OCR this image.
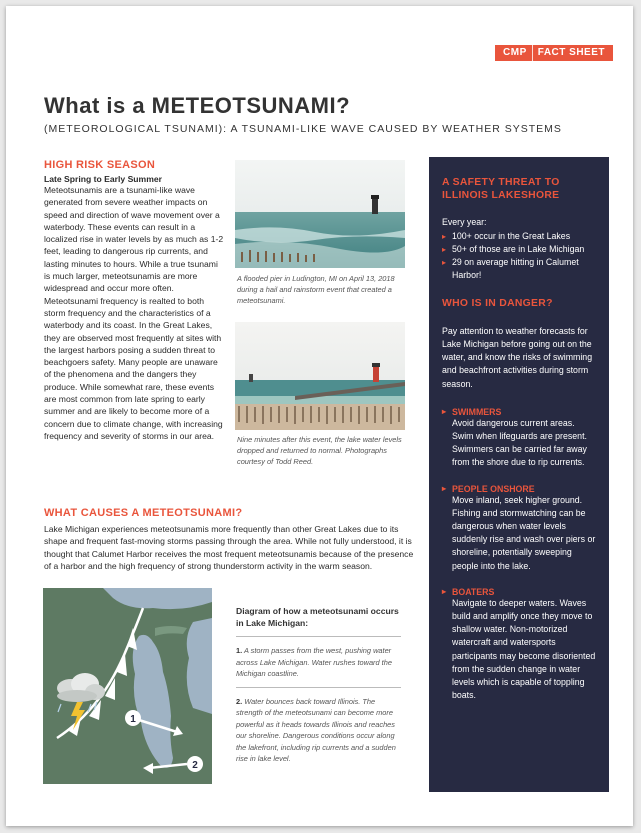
CMP	FACT SHEET
What is a METEOTSUNAMI?
(METEOROLOGICAL TSUNAMI): A TSUNAMI-LIKE WAVE CAUSED BY WEATHER SYSTEMS
HIGH RISK SEASON
Late Spring to Early Summer

Meteotsunamis are a tsunami-like wave generated from severe weather impacts on speed and direction of wave movement over a waterbody. These events can result in a localized rise in water levels by as much as 1-2 feet, leading to dangerous rip currents, and lasting minutes to hours. While a true tsunami is much larger, meteotsunamis are more widespread and occur more often. Meteotsunami frequency is realted to both storm frequency and the characteristics of a waterbody and its coast. In the Great Lakes, they are observed most frequently at sites with the largest harbors posing a sudden threat to beachgoers safety. Many people are unaware of the phenomena and the dangers they produce. While somewhat rare, these events are most common from late spring to early summer and are likely to become more of a concern due to climate change, with increasing frequency and severity of storms in our area.

A flooded pier in Ludington, MI on April 13, 2018 during a hail and rainstorm event that created a meteotsunami.
Nine minutes after this event, the lake water levels dropped and returned to normal. Photographs courtesy of Todd Reed.
WHAT CAUSES A METEOTSUNAMI?

Lake Michigan experiences meteotsunamis more frequently than other Great Lakes due to its shape and frequent fast-moving storms passing through the area. While not fully understood, it is thought that Calumet Harbor receives the most frequent meteotsunamis because of the presence of a harbor and the high frequency of strong thunderstorm activity in the warm season.

1
2
Diagram of how a meteotsunami occurs in Lake Michigan:

1. A storm passes from the west, pushing water across Lake Michigan. Water rushes toward the Michigan coastline.

2. Water bounces back toward Illinois. The strength of the meteotsunami can become more powerful as it heads towards Illinois and reaches our shoreline. Dangerous conditions occur along the lakefront, including rip currents and a sudden rise in lake level.

A SAFETY THREAT TO ILLINOIS LAKESHORE
Every year:
▸ 100+ occur in the Great Lakes
▸ 50+ of those are in Lake Michigan
▸ 29 on average hitting in Calumet Harbor!
WHO IS IN DANGER?

Pay attention to weather forecasts for Lake Michigan before going out on the water, and know the risks of swimming and beachfront activities during storm season.

▸ SWIMMERS

Avoid dangerous current areas. Swim when lifeguards are present. Swimmers can be carried far away from the shore due to rip currents.

▸ PEOPLE ONSHORE

Move inland, seek higher ground. Fishing and stormwatching can be dangerous when water levels suddenly rise and wash over piers or shoreline, potentially sweeping people into the lake.

▸ BOATERS

Navigate to deeper waters. Waves build and amplify once they move to shallow water. Non-motorized watercraft and watersports participants may become disoriented from the sudden change in water levels which is capable of toppling boats.
